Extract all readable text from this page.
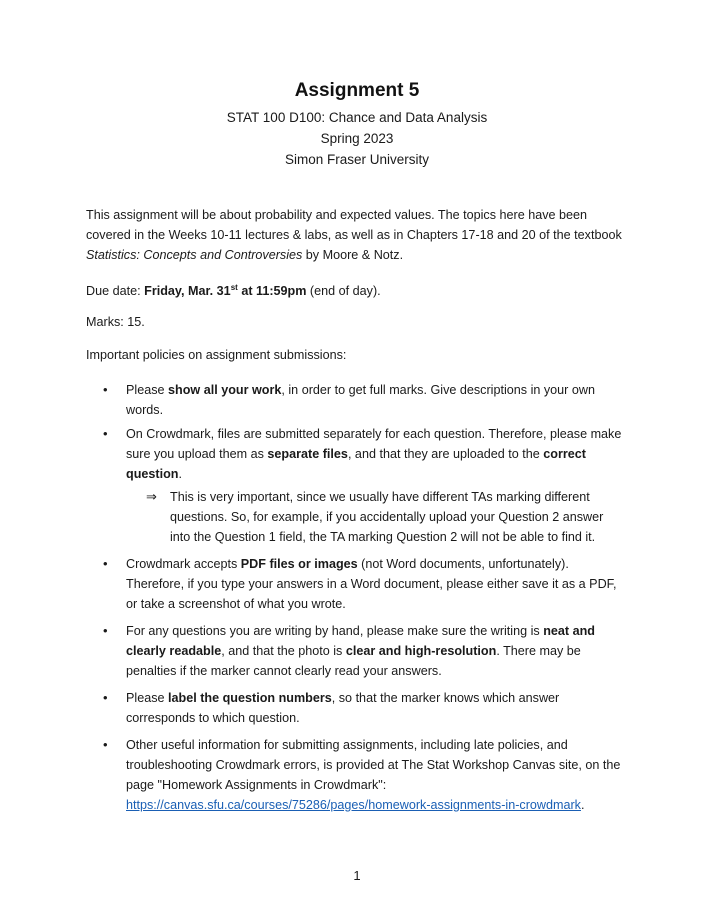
Assignment 5
STAT 100 D100: Chance and Data Analysis
Spring 2023
Simon Fraser University
This assignment will be about probability and expected values. The topics here have been covered in the Weeks 10-11 lectures & labs, as well as in Chapters 17-18 and 20 of the textbook Statistics: Concepts and Controversies by Moore & Notz.
Due date: Friday, Mar. 31st at 11:59pm (end of day).
Marks: 15.
Important policies on assignment submissions:
•	Please show all your work, in order to get full marks. Give descriptions in your own words.
•	On Crowdmark, files are submitted separately for each question. Therefore, please make sure you upload them as separate files, and that they are uploaded to the correct question.
⇒ This is very important, since we usually have different TAs marking different questions. So, for example, if you accidentally upload your Question 2 answer into the Question 1 field, the TA marking Question 2 will not be able to find it.
•	Crowdmark accepts PDF files or images (not Word documents, unfortunately). Therefore, if you type your answers in a Word document, please either save it as a PDF, or take a screenshot of what you wrote.
•	For any questions you are writing by hand, please make sure the writing is neat and clearly readable, and that the photo is clear and high-resolution. There may be penalties if the marker cannot clearly read your answers.
•	Please label the question numbers, so that the marker knows which answer corresponds to which question.
•	Other useful information for submitting assignments, including late policies, and troubleshooting Crowdmark errors, is provided at The Stat Workshop Canvas site, on the page "Homework Assignments in Crowdmark": https://canvas.sfu.ca/courses/75286/pages/homework-assignments-in-crowdmark.
1
